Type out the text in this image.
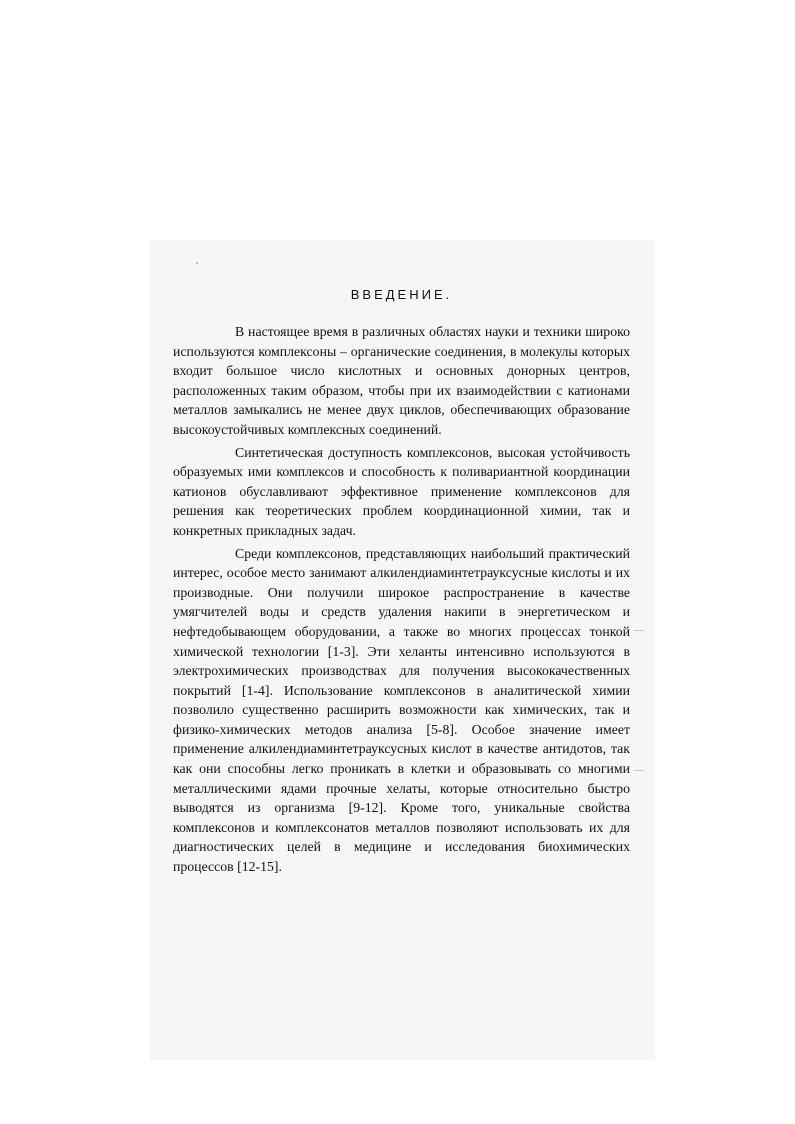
ВВЕДЕНИЕ.

В настоящее время в различных областях науки и техники широко используются комплексоны – органические соединения, в молекулы которых входит большое число кислотных и основных донорных центров, расположенных таким образом, чтобы при их взаимодействии с катионами металлов замыкались не менее двух циклов, обеспечивающих образование высокоустойчивых комплексных соединений.

Синтетическая доступность комплексонов, высокая устойчивость образуемых ими комплексов и способность к поливариантной координации катионов обуславливают эффективное применение комплексонов для решения как теоретических проблем координационной химии, так и конкретных прикладных задач.

Среди комплексонов, представляющих наибольший практический интерес, особое место занимают алкилендиаминтетрауксусные кислоты и их производные. Они получили широкое распространение в качестве умягчителей воды и средств удаления накипи в энергетическом и нефтедобывающем оборудовании, а также во многих процессах тонкой химической технологии [1-3]. Эти хеланты интенсивно используются в электрохимических производствах для получения высококачественных покрытий [1-4]. Использование комплексонов в аналитической химии позволило существенно расширить возможности как химических, так и физико-химических методов анализа [5-8]. Особое значение имеет применение алкилендиаминтетрауксусных кислот в качестве антидотов, так как они способны легко проникать в клетки и образовывать со многими металлическими ядами прочные хелаты, которые относительно быстро выводятся из организма [9-12]. Кроме того, уникальные свойства комплексонов и комплексонатов металлов позволяют использовать их для диагностических целей в медицине и исследования биохимических процессов [12-15].
